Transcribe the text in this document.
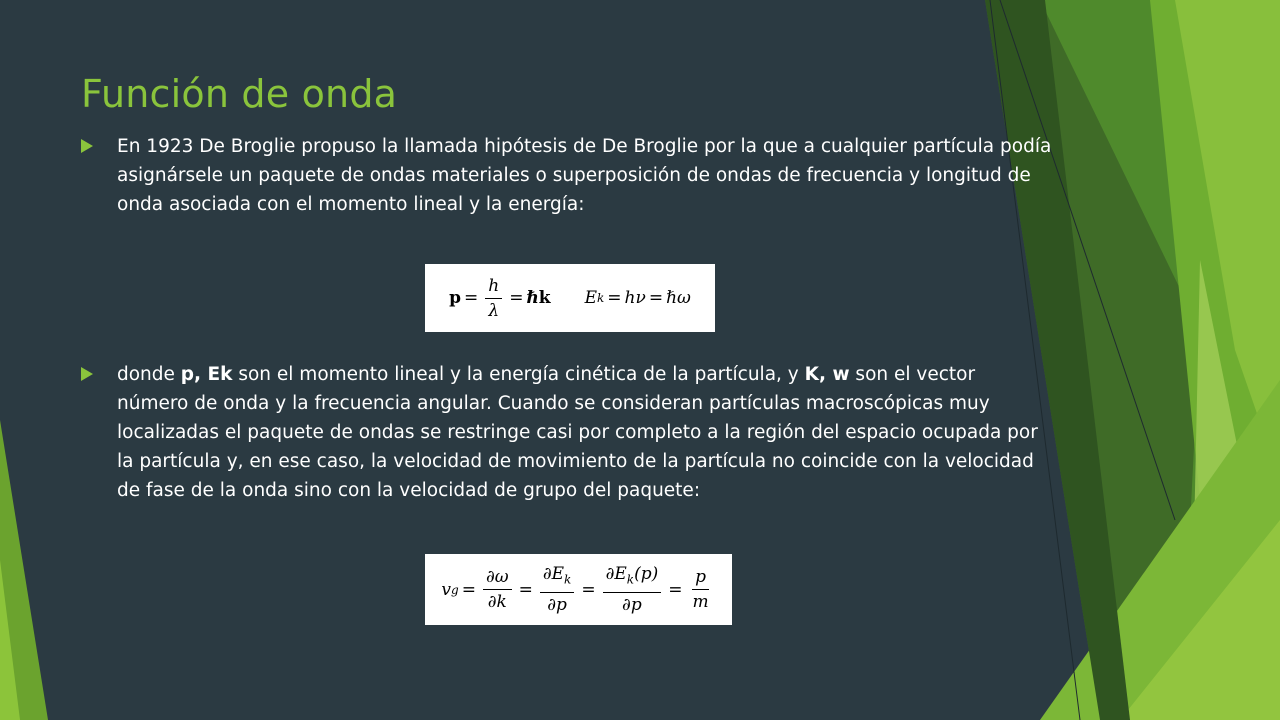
Función de onda
En 1923 De Broglie propuso la llamada hipótesis de De Broglie por la que a cualquier partícula podía asignársele un paquete de ondas materiales o superposición de ondas de frecuencia y longitud de onda asociada con el momento lineal y la energía:
$p = \frac{h}{\lambda}$ = ℏk E k = hν = ℏω
donde p, Ek son el momento lineal y la energía cinética de la partícula, y K, w son el vector número de onda y la frecuencia angular. Cuando se consideran partículas macroscópicas muy localizadas el paquete de ondas se restringe casi por completo a la región del espacio ocupada por la partícula y, en ese caso, la velocidad de movimiento de la partícula no coincide con la velocidad de fase de la onda sino con la velocidad de grupo del paquete:
v $g = \frac{\partial\omega}{\partial k} = \frac{\partial E_k}{\partial p} = \frac{\partial E_k(p)}{\partial p} = \frac{p}{m}$
